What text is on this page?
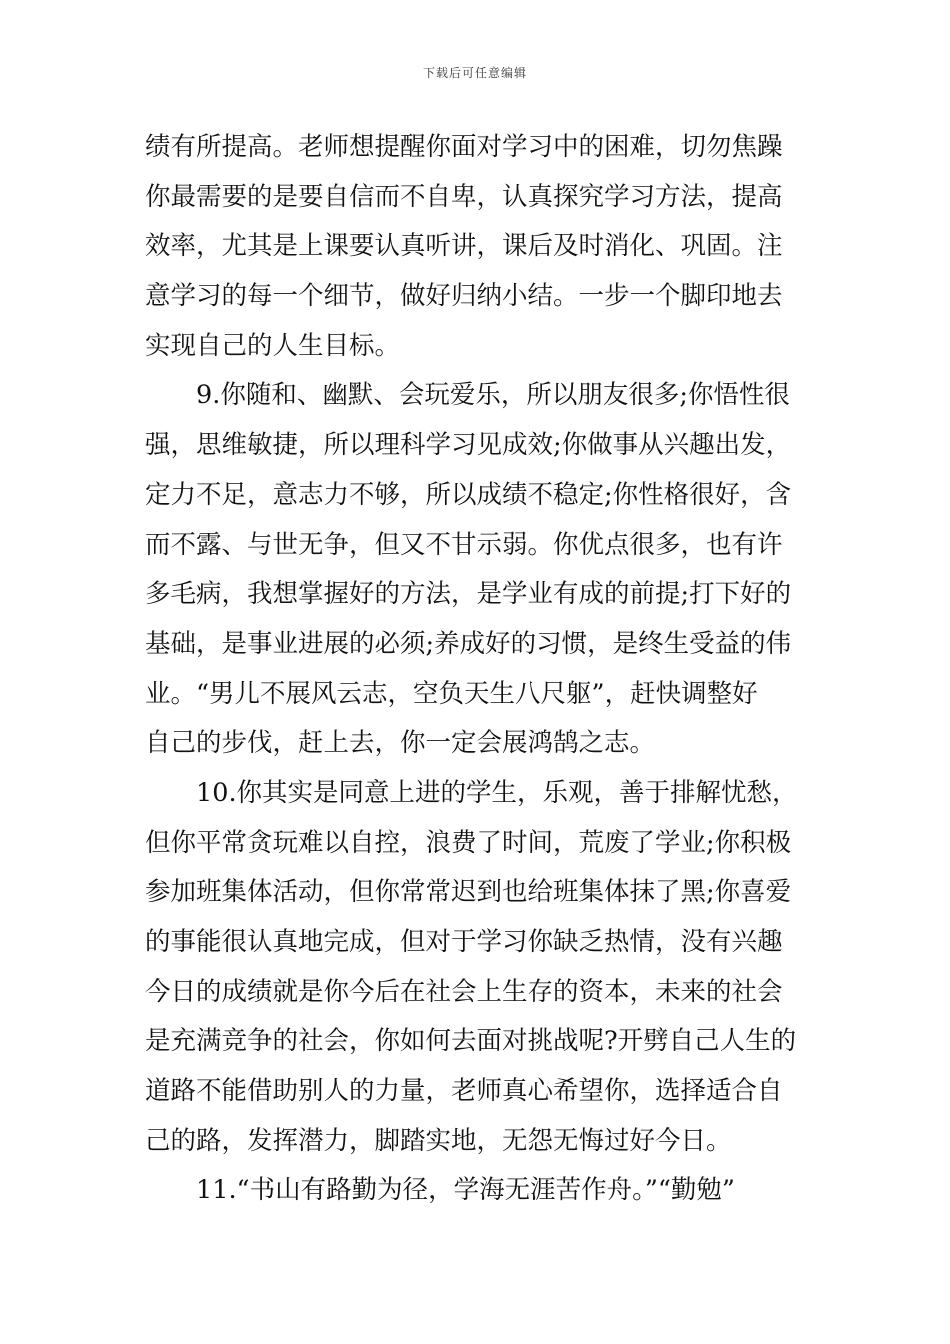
下载后可任意编辑
绩有所提高。老师想提醒你面对学习中的困难，切勿焦躁
你最需要的是要自信而不自卑，认真探究学习方法，提高
效率，尤其是上课要认真听讲，课后及时消化、巩固。注
意学习的每一个细节，做好归纳小结。一步一个脚印地去
实现自己的人生目标。
9.你随和、幽默、会玩爱乐，所以朋友很多;你悟性很
强，思维敏捷，所以理科学习见成效;你做事从兴趣出发，
定力不足，意志力不够，所以成绩不稳定;你性格很好，含
而不露、与世无争，但又不甘示弱。你优点很多，也有许
多毛病，我想掌握好的方法，是学业有成的前提;打下好的
基础，是事业进展的必须;养成好的习惯，是终生受益的伟
业。“男儿不展风云志，空负天生八尺躯”，赶快调整好
自己的步伐，赶上去，你一定会展鸿鹄之志。
10.你其实是同意上进的学生，乐观，善于排解忧愁，
但你平常贪玩难以自控，浪费了时间，荒废了学业;你积极
参加班集体活动，但你常常迟到也给班集体抹了黑;你喜爱
的事能很认真地完成，但对于学习你缺乏热情，没有兴趣
今日的成绩就是你今后在社会上生存的资本，未来的社会
是充满竞争的社会，你如何去面对挑战呢?开劈自己人生的
道路不能借助别人的力量，老师真心希望你，选择适合自
己的路，发挥潜力，脚踏实地，无怨无悔过好今日。
11.“书山有路勤为径，学海无涯苦作舟。”“勤勉”
